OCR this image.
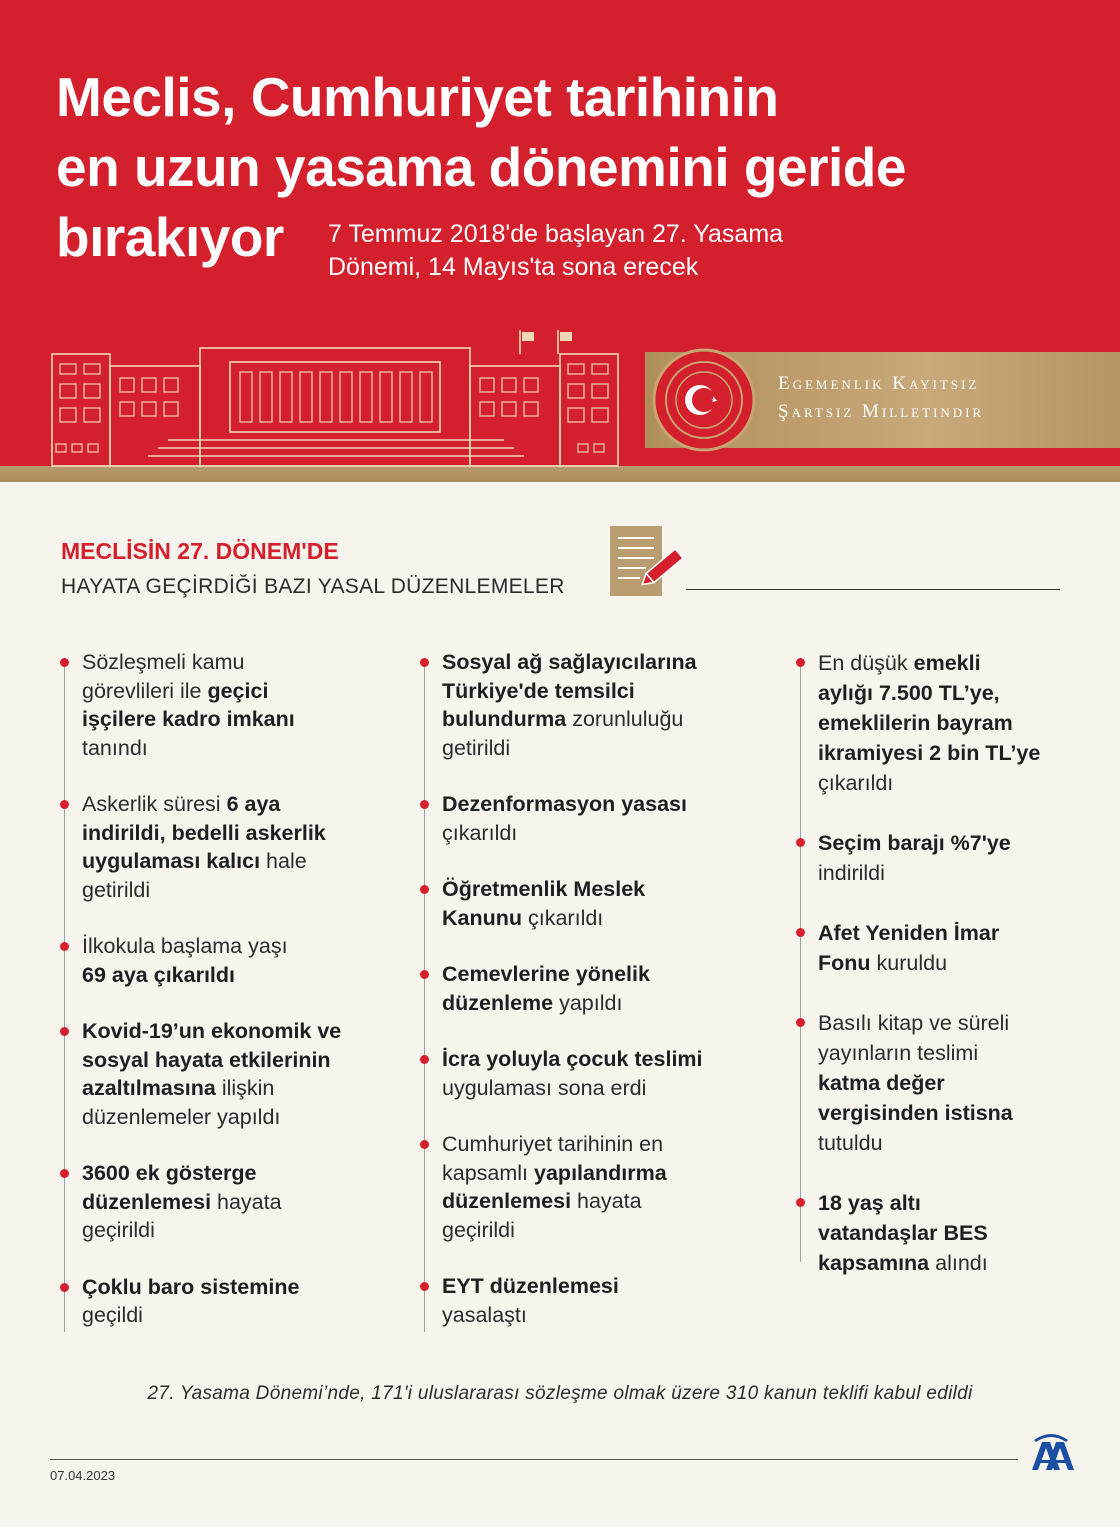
Meclis, Cumhuriyet tarihinin
en uzun yasama dönemini geride
bırakıyor	7 Temmuz 2018'de başlayan 27. Yasama
Dönemi, 14 Mayıs'ta sona erecek
Egemenlik Kayıtsız
Şartsız Milletindir
MECLİSİN 27. DÖNEM'DE
HAYATA GEÇİRDİĞİ BAZI YASAL DÜZENLEMELER
Sözleşmeli kamu
görevlileri ile geçici
işçilere kadro imkanı
tanındı
Askerlik süresi 6 aya
indirildi, bedelli askerlik
uygulaması kalıcı hale
getirildi
İlkokula başlama yaşı
69 aya çıkarıldı
Kovid-19’un ekonomik ve
sosyal hayata etkilerinin
azaltılmasına ilişkin
düzenlemeler yapıldı
3600 ek gösterge
düzenlemesi hayata
geçirildi
Çoklu baro sistemine
geçildi
Sosyal ağ sağlayıcılarına
Türkiye'de temsilci
bulundurma zorunluluğu
getirildi
Dezenformasyon yasası
çıkarıldı
Öğretmenlik Meslek
Kanunu çıkarıldı
Cemevlerine yönelik
düzenleme yapıldı
İcra yoluyla çocuk teslimi
uygulaması sona erdi
Cumhuriyet tarihinin en
kapsamlı yapılandırma
düzenlemesi hayata
geçirildi
EYT düzenlemesi
yasalaştı
En düşük emekli
aylığı 7.500 TL’ye,
emeklilerin bayram
ikramiyesi 2 bin TL’ye
çıkarıldı
Seçim barajı %7'ye
indirildi
Afet Yeniden İmar
Fonu kuruldu
Basılı kitap ve süreli
yayınların teslimi
katma değer
vergisinden istisna
tutuldu
18 yaş altı
vatandaşlar BES
kapsamına alındı
27. Yasama Dönemi’nde, 171'i uluslararası sözleşme olmak üzere 310 kanun teklifi kabul edildi
07.04.2023
